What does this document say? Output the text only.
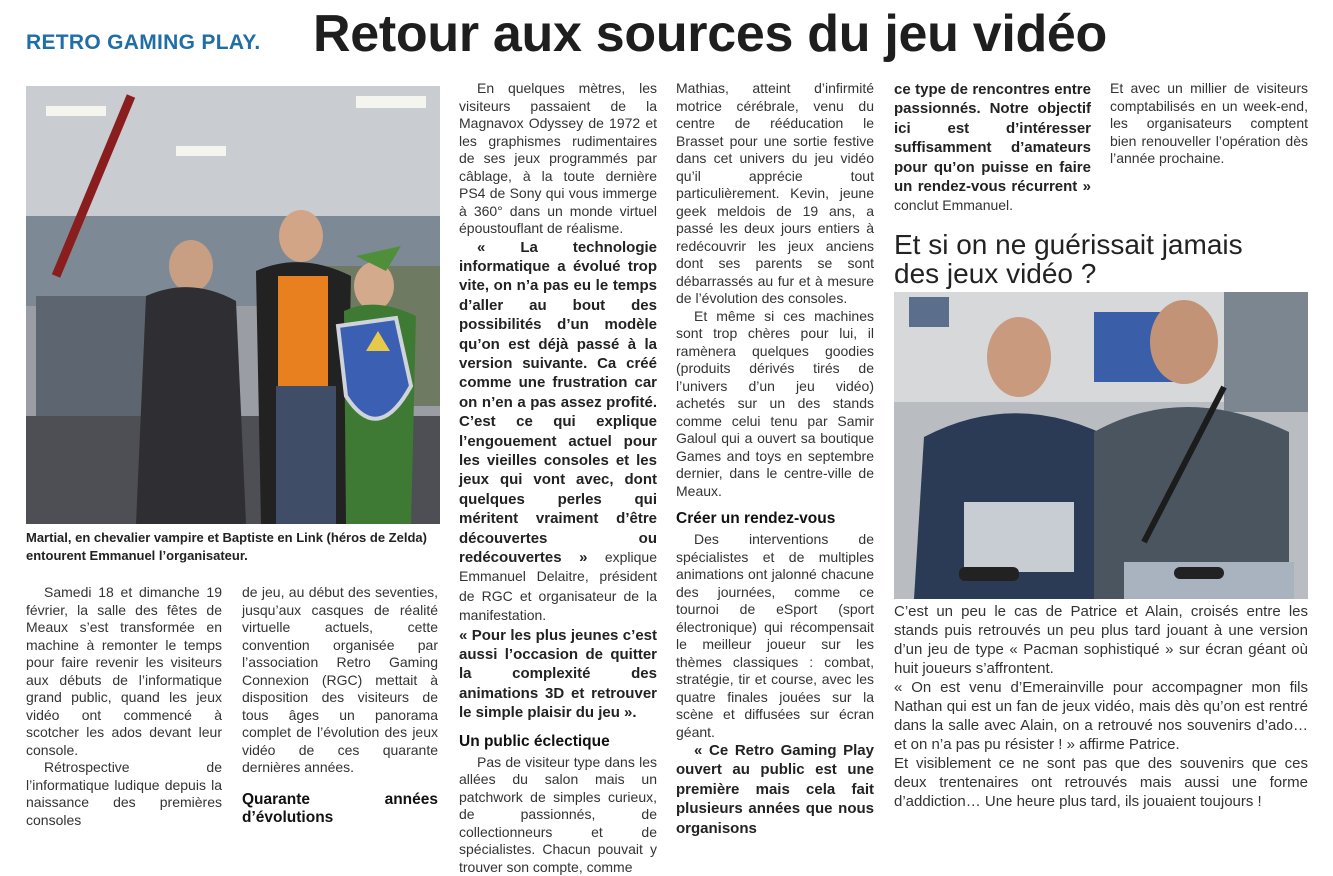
RETRO GAMING PLAY. Retour aux sources du jeu vidéo
Martial, en chevalier vampire et Baptiste en Link (héros de Zelda) entourent Emmanuel l’organisateur.

Samedi 18 et dimanche 19 février, la salle des fêtes de Meaux s’est transformée en machine à remonter le temps pour faire revenir les visiteurs aux débuts de l’informatique grand public, quand les jeux vidéo ont commencé à scotcher les ados devant leur console.

Rétrospective de l’informatique ludique depuis la naissance des premières consoles

de jeu, au début des seventies, jusqu’aux casques de réalité virtuelle actuels, cette convention organisée par l’association Retro Gaming Connexion (RGC) mettait à disposition des visiteurs de tous âges un panorama complet de l’évolution des jeux vidéo de ces quarante dernières années.

Quarante années d’évolutions

En quelques mètres, les visiteurs passaient de la Magnavox Odyssey de 1972 et les graphismes rudimentaires de ses jeux programmés par câblage, à la toute dernière PS4 de Sony qui vous immerge à 360° dans un monde virtuel époustouflant de réalisme.

« La technologie informatique a évolué trop vite, on n’a pas eu le temps d’aller au bout des possibilités d’un modèle qu’on est déjà passé à la version suivante. Ca créé comme une frustration car on n’en a pas assez profité. C’est ce qui explique l’engouement actuel pour les vieilles consoles et les jeux qui vont avec, dont quelques perles qui méritent vraiment d’être découvertes ou redécouvertes » explique Emmanuel Delaitre, président de RGC et organisateur de la manifestation.

« Pour les plus jeunes c’est aussi l’occasion de quitter la complexité des animations 3D et retrouver le simple plaisir du jeu ».

Un public éclectique

Pas de visiteur type dans les allées du salon mais un patchwork de simples curieux, de passionnés, de collectionneurs et de spécialistes. Chacun pouvait y trouver son compte, comme

Mathias, atteint d’infirmité motrice cérébrale, venu du centre de rééducation le Brasset pour une sortie festive dans cet univers du jeu vidéo qu’il apprécie tout particulièrement. Kevin, jeune geek meldois de 19 ans, a passé les deux jours entiers à redécouvrir les jeux anciens dont ses parents se sont débarrassés au fur et à mesure de l’évolution des consoles.

Et même si ces machines sont trop chères pour lui, il ramènera quelques goodies (produits dérivés tirés de l’univers d’un jeu vidéo) achetés sur un des stands comme celui tenu par Samir Galoul qui a ouvert sa boutique Games and toys en septembre dernier, dans le centre-ville de Meaux.

Créer un rendez-vous

Des interventions de spécialistes et de multiples animations ont jalonné chacune des journées, comme ce tournoi de eSport (sport électronique) qui récompensait le meilleur joueur sur les thèmes classiques : combat, stratégie, tir et course, avec les quatre finales jouées sur la scène et diffusées sur écran géant.

« Ce Retro Gaming Play ouvert au public est une première mais cela fait plusieurs années que nous organisons

ce type de rencontres entre passionnés. Notre objectif ici est d’intéresser suffisamment d’amateurs pour qu’on puisse en faire un rendez-vous récurrent » conclut Emmanuel.

Et avec un millier de visiteurs comptabilisés en un week-end, les organisateurs comptent bien renouveller l’opération dès l’année prochaine.

Et si on ne guérissait jamais des jeux vidéo ?

C’est un peu le cas de Patrice et Alain, croisés entre les stands puis retrouvés un peu plus tard jouant à une version d’un jeu de type « Pacman sophistiqué » sur écran géant où huit joueurs s’affrontent.

« On est venu d’Emerainville pour accompagner mon fils Nathan qui est un fan de jeux vidéo, mais dès qu’on est rentré dans la salle avec Alain, on a retrouvé nos souvenirs d’ado… et on n’a pas pu résister ! » affirme Patrice.

Et visiblement ce ne sont pas que des souvenirs que ces deux trentenaires ont retrouvés mais aussi une forme d’addiction… Une heure plus tard, ils jouaient toujours !
